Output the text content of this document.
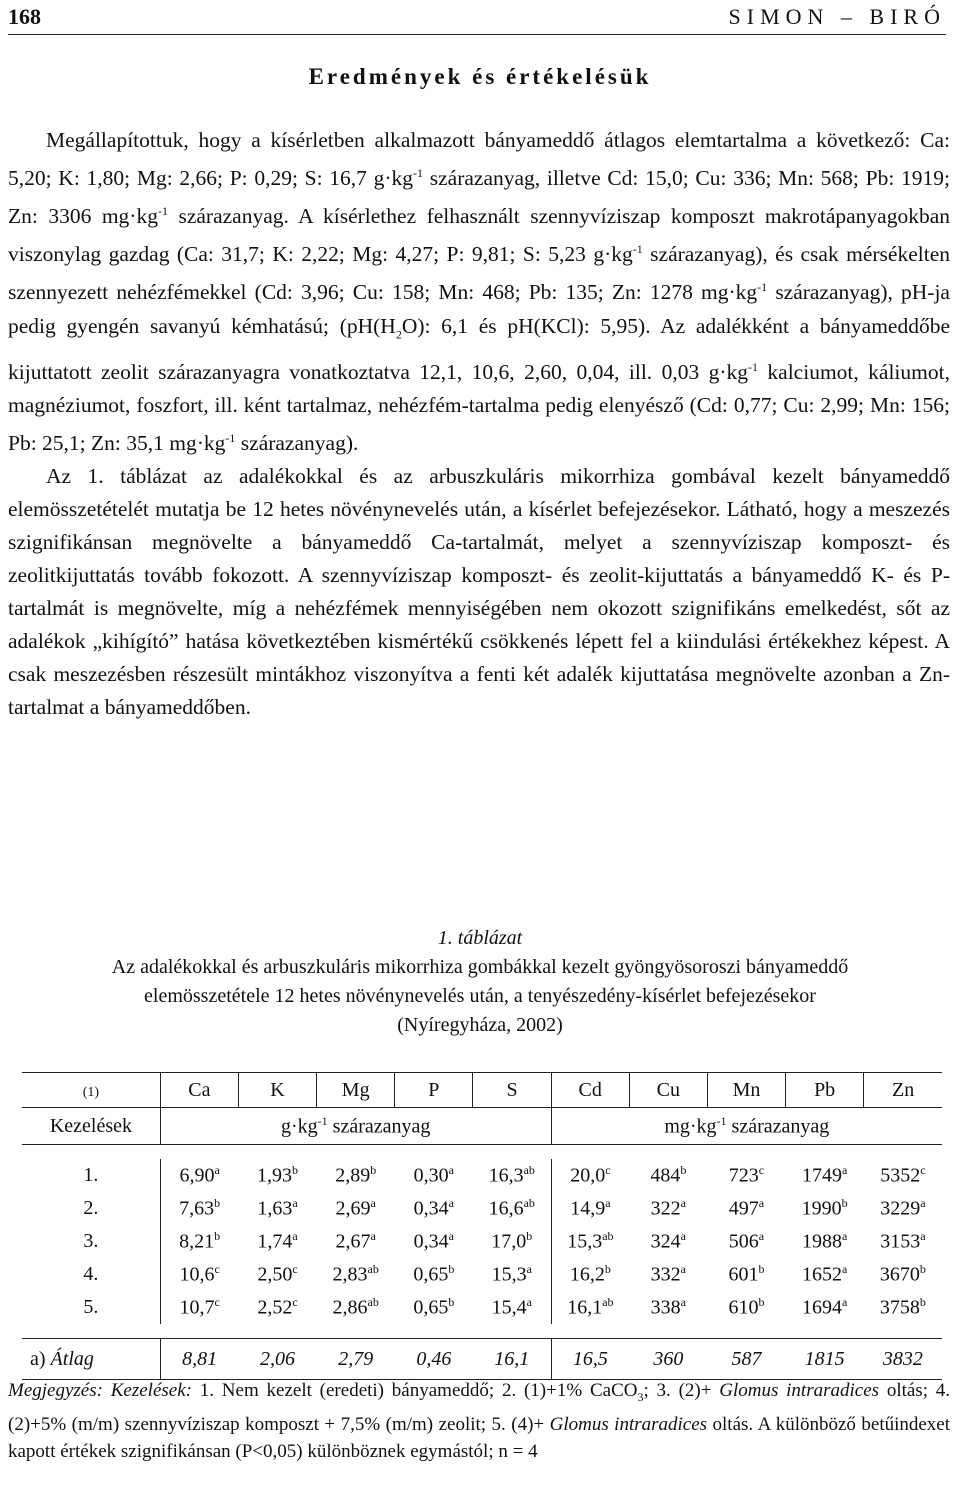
168	SIMON – BIRÓ
Eredmények és értékelésük

Megállapítottuk, hogy a kísérletben alkalmazott bányameddő átlagos elemtartalma a következő: Ca: 5,20; K: 1,80; Mg: 2,66; P: 0,29; S: 16,7 $g\cdot kg^{-1}$ szárazanyag, illetve Cd: 15,0; Cu: 336; Mn: 568; Pb: 1919; Zn: 3306 $mg\cdot kg^{-1}$ szárazanyag. A kísérlethez felhasznált szennyvíziszap komposzt makrotápanyagokban viszonylag gazdag (Ca: 31,7; K: 2,22; Mg: 4,27; P: 9,81; S: 5,23 $g\cdot kg^{-1}$ szárazanyag), és csak mérsékelten szennyezett nehézfémekkel (Cd: 3,96; Cu: 158; Mn: 468; Pb: 135; Zn: 1278 $mg\cdot kg^{-1}$ szárazanyag), pH-ja pedig gyengén savanyú kémhatású; ($pH(H_2O)$: 6,1 és pH(KCl): 5,95). Az adalékként a bányameddőbe kijuttatott zeolit szárazanyagra vonatkoztatva 12,1, 10,6, 2,60, 0,04, ill. 0,03 $g\cdot kg^{-1}$ kalciumot, káliumot, magnéziumot, foszfort, ill. ként tartalmaz, nehézfém-tartalma pedig elenyésző (Cd: 0,77; Cu: 2,99; Mn: 156; Pb: 25,1; Zn: 35,1 $mg\cdot kg^{-1}$ szárazanyag).

Az 1. táblázat az adalékokkal és az arbuszkuláris mikorrhiza gombával kezelt bányameddő elemösszetételét mutatja be 12 hetes növénynevelés után, a kísérlet befejezésekor. Látható, hogy a meszezés szignifikánsan megnövelte a bányameddő Ca-tartalmát, melyet a szennyvíziszap komposzt- és zeolitkijuttatás tovább fokozott. A szennyvíziszap komposzt- és zeolit-kijuttatás a bányameddő K- és P-tartalmát is megnövelte, míg a nehézfémek mennyiségében nem okozott szignifikáns emelkedést, sőt az adalékok „kihígító” hatása következtében kismértékű csökkenés lépett fel a kiindulási értékekhez képest. A csak meszezésben részesült mintákhoz viszonyítva a fenti két adalék kijuttatása megnövelte azonban a Zn-tartalmat a bányameddőben.

1. táblázat
Az adalékokkal és arbuszkuláris mikorrhiza gombákkal kezelt gyöngyösoroszi bányameddő
elemösszetétele 12 hetes növénynevelés után, a tenyészedény-kísérlet befejezésekor
(Nyíregyháza, 2002)
(1)	Ca	K	Mg	P	S	Cd	Cu	Mn	Pb	Zn
Kezelések	$g\cdot kg^{-1}$ szárazanyag					$mg\cdot kg^{-1}$ szárazanyag				

1.	6,90$^a$	1,93$^b$	2,89$^b$	0,30$^a$	16,3$^{ab}$	20,0$^c$	484$^b$	723$^c$	1749$^a$	5352$^c$
2.	7,63$^b$	1,63$^a$	2,69$^a$	0,34$^a$	16,6$^{ab}$	14,9$^a$	322$^a$	497$^a$	1990$^b$	3229$^a$
3.	8,21$^b$	1,74$^a$	2,67$^a$	0,34$^a$	17,0$^b$	15,3$^{ab}$	324$^a$	506$^a$	1988$^a$	3153$^a$
4.	10,6$^c$	2,50$^c$	2,83$^{ab}$	0,65$^b$	15,3$^a$	16,2$^b$	332$^a$	601$^b$	1652$^a$	3670$^b$
5.	10,7$^c$	2,52$^c$	2,86$^{ab}$	0,65$^b$	15,4$^a$	16,1$^{ab}$	338$^a$	610$^b$	1694$^a$	3758$^b$

a) Átlag	8,81	2,06	2,79	0,46	16,1	16,5	360	587	1815	3832
Megjegyzés: Kezelések: 1. Nem kezelt (eredeti) bányameddő; 2. (1)+1% CaCO$_3$; 3. (2)+ Glomus intraradices oltás; 4. (2)+5% (m/m) szennyvíziszap komposzt + 7,5% (m/m) zeolit; 5. (4)+ Glomus intraradices oltás. A különböző betűindexet kapott értékek szignifikánsan (P<0,05) különböznek egymástól; n = 4
